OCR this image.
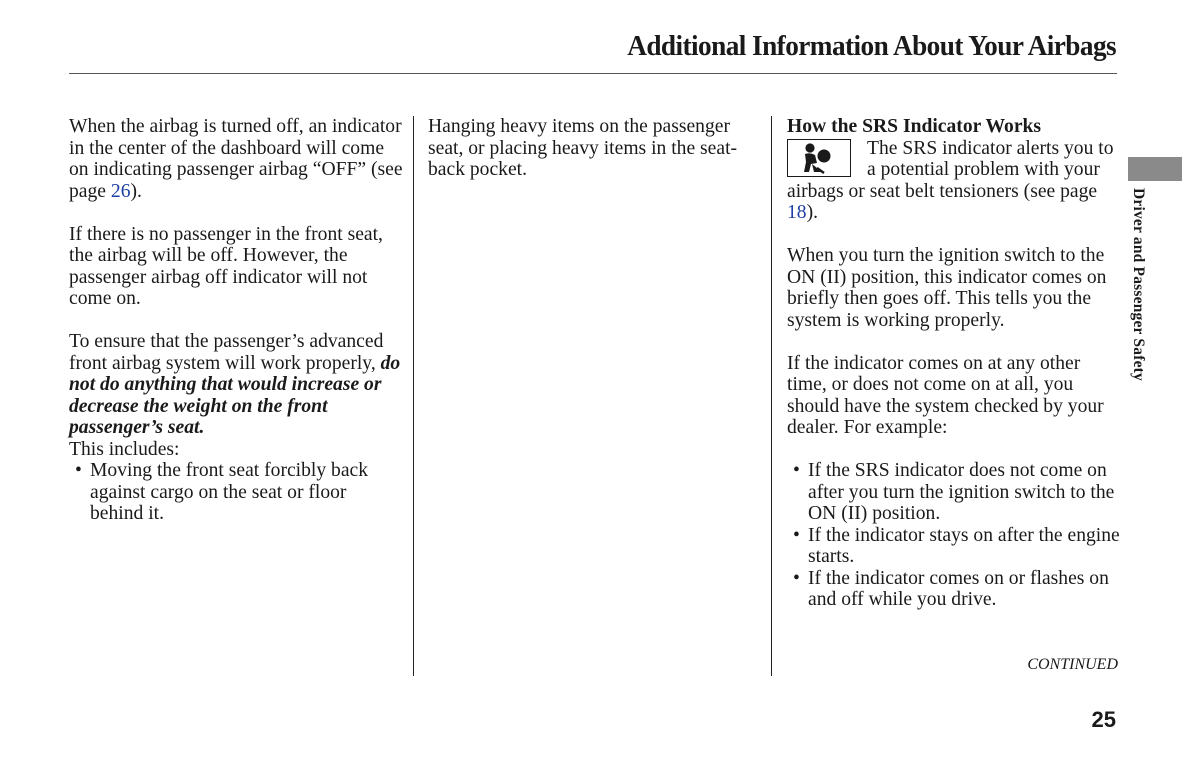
Additional Information About Your Airbags
Driver and Passenger Safety

When the airbag is turned off, an indicator in the center of the dashboard will come on indicating passenger airbag “OFF” (see page 26).

If there is no passenger in the front seat, the airbag will be off. However, the passenger airbag off indicator will not come on.

To ensure that the passenger’s advanced front airbag system will work properly, do not do anything that would increase or decrease the weight on the front passenger’s seat.
This includes:

• Moving the front seat forcibly back against cargo on the seat or floor behind it.

Hanging heavy items on the passenger seat, or placing heavy items in the seat-back pocket.

How the SRS Indicator Works
The SRS indicator alerts you to a potential problem with your airbags or seat belt tensioners (see page 18).

When you turn the ignition switch to the ON (II) position, this indicator comes on briefly then goes off. This tells you the system is working properly.

If the indicator comes on at any other time, or does not come on at all, you should have the system checked by your dealer. For example:

• If the SRS indicator does not come on after you turn the ignition switch to the ON (II) position.
• If the indicator stays on after the engine starts.
• If the indicator comes on or flashes on and off while you drive.
CONTINUED
25
